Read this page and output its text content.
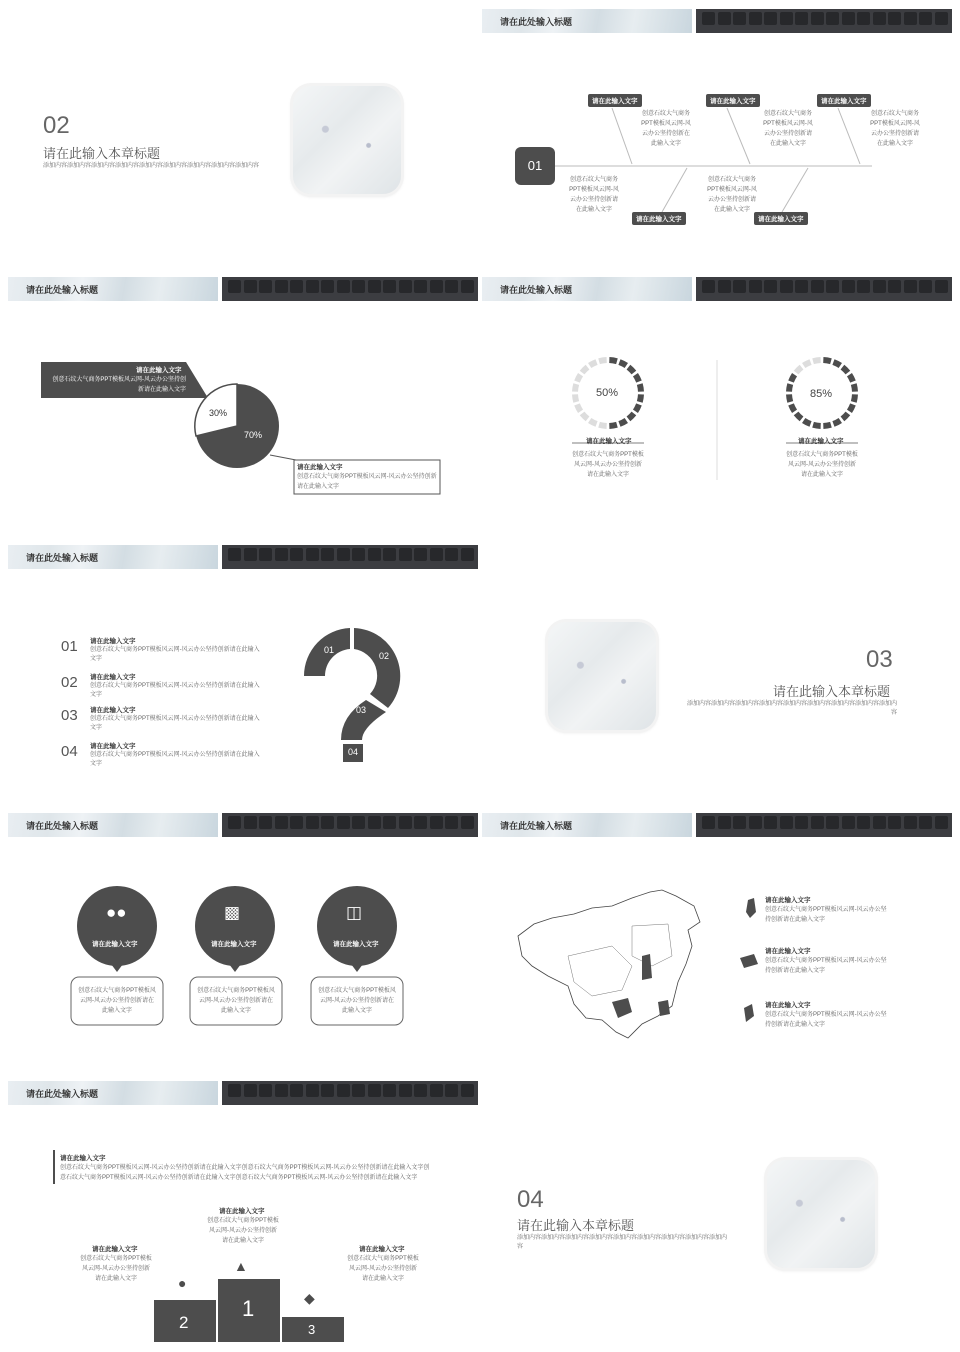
02
请在此输入本章标题
添加内容添加内容添加内容添加内容添加内容添加内容添加内容添加内容添加内容
请在此处输入标题
01
请在此输入文字	请在此输入文字	请在此输入文字
请在此输入文字	请在此输入文字
创意石纹大气商务PPT模板风云网-风云办公坚持创新在此输入文字
创意石纹大气商务PPT模板风云网-风云办公坚持创新请在此输入文字
创意石纹大气商务PPT模板风云网-风云办公坚持创新请在此输入文字
创意石纹大气商务PPT模板风云网-风云办公坚持创新请在此输入文字
创意石纹大气商务PPT模板风云网-风云办公坚持创新请在此输入文字
请在此处输入标题
请在此输入文字
创意石纹大气商务PPT模板风云网-风云办公坚持创新请在此输入文字
30%
70%
请在此输入文字
创意石纹大气商务PPT模板风云网-风云办公坚持创新请在此输入文字
请在此处输入标题
50%	85%
请在此输入文字	请在此输入文字
创意石纹大气商务PPT模板风云网-风云办公坚持创新请在此输入文字
创意石纹大气商务PPT模板风云网-风云办公坚持创新请在此输入文字
请在此处输入标题
01 请在此输入文字
创意石纹大气商务PPT模板风云网-风云办公坚持创新请在此输入文字
02 请在此输入文字
创意石纹大气商务PPT模板风云网-风云办公坚持创新请在此输入文字
03 请在此输入文字
创意石纹大气商务PPT模板风云网-风云办公坚持创新请在此输入文字
04 请在此输入文字
创意石纹大气商务PPT模板风云网-风云办公坚持创新请在此输入文字
01
02
03
04
03
请在此输入本章标题
添加内容添加内容添加内容添加内容添加内容添加内容添加内容添加内容添加内容
请在此处输入标题
●●	▩	◫
请在此输入文字	请在此输入文字	请在此输入文字
创意石纹大气商务PPT模板风云网-风云办公坚持创新请在此输入文字
创意石纹大气商务PPT模板风云网-风云办公坚持创新请在此输入文字
创意石纹大气商务PPT模板风云网-风云办公坚持创新请在此输入文字
请在此处输入标题
请在此输入文字
创意石纹大气商务PPT模板风云网-风云办公坚持创新请在此输入文字
请在此输入文字
创意石纹大气商务PPT模板风云网-风云办公坚持创新请在此输入文字
请在此输入文字
创意石纹大气商务PPT模板风云网-风云办公坚持创新请在此输入文字
请在此处输入标题
请在此输入文字
创意石纹大气商务PPT模板风云网-风云办公坚持创新请在此输入文字创意石纹大气商务PPT模板风云网-风云办公坚持创新请在此输入文字创意石纹大气商务PPT模板风云网-风云办公坚持创新请在此输入文字创意石纹大气商务PPT模板风云网-风云办公坚持创新请在此输入文字
请在此输入文字
创意石纹大气商务PPT模板风云网-风云办公坚持创新请在此输入文字
请在此输入文字
创意石纹大气商务PPT模板风云网-风云办公坚持创新请在此输入文字
请在此输入文字
创意石纹大气商务PPT模板风云网-风云办公坚持创新请在此输入文字
●
▲
◆
1
2	3
04
请在此输入本章标题
添加内容添加内容添加内容添加内容添加内容添加内容添加内容添加内容添加内容
